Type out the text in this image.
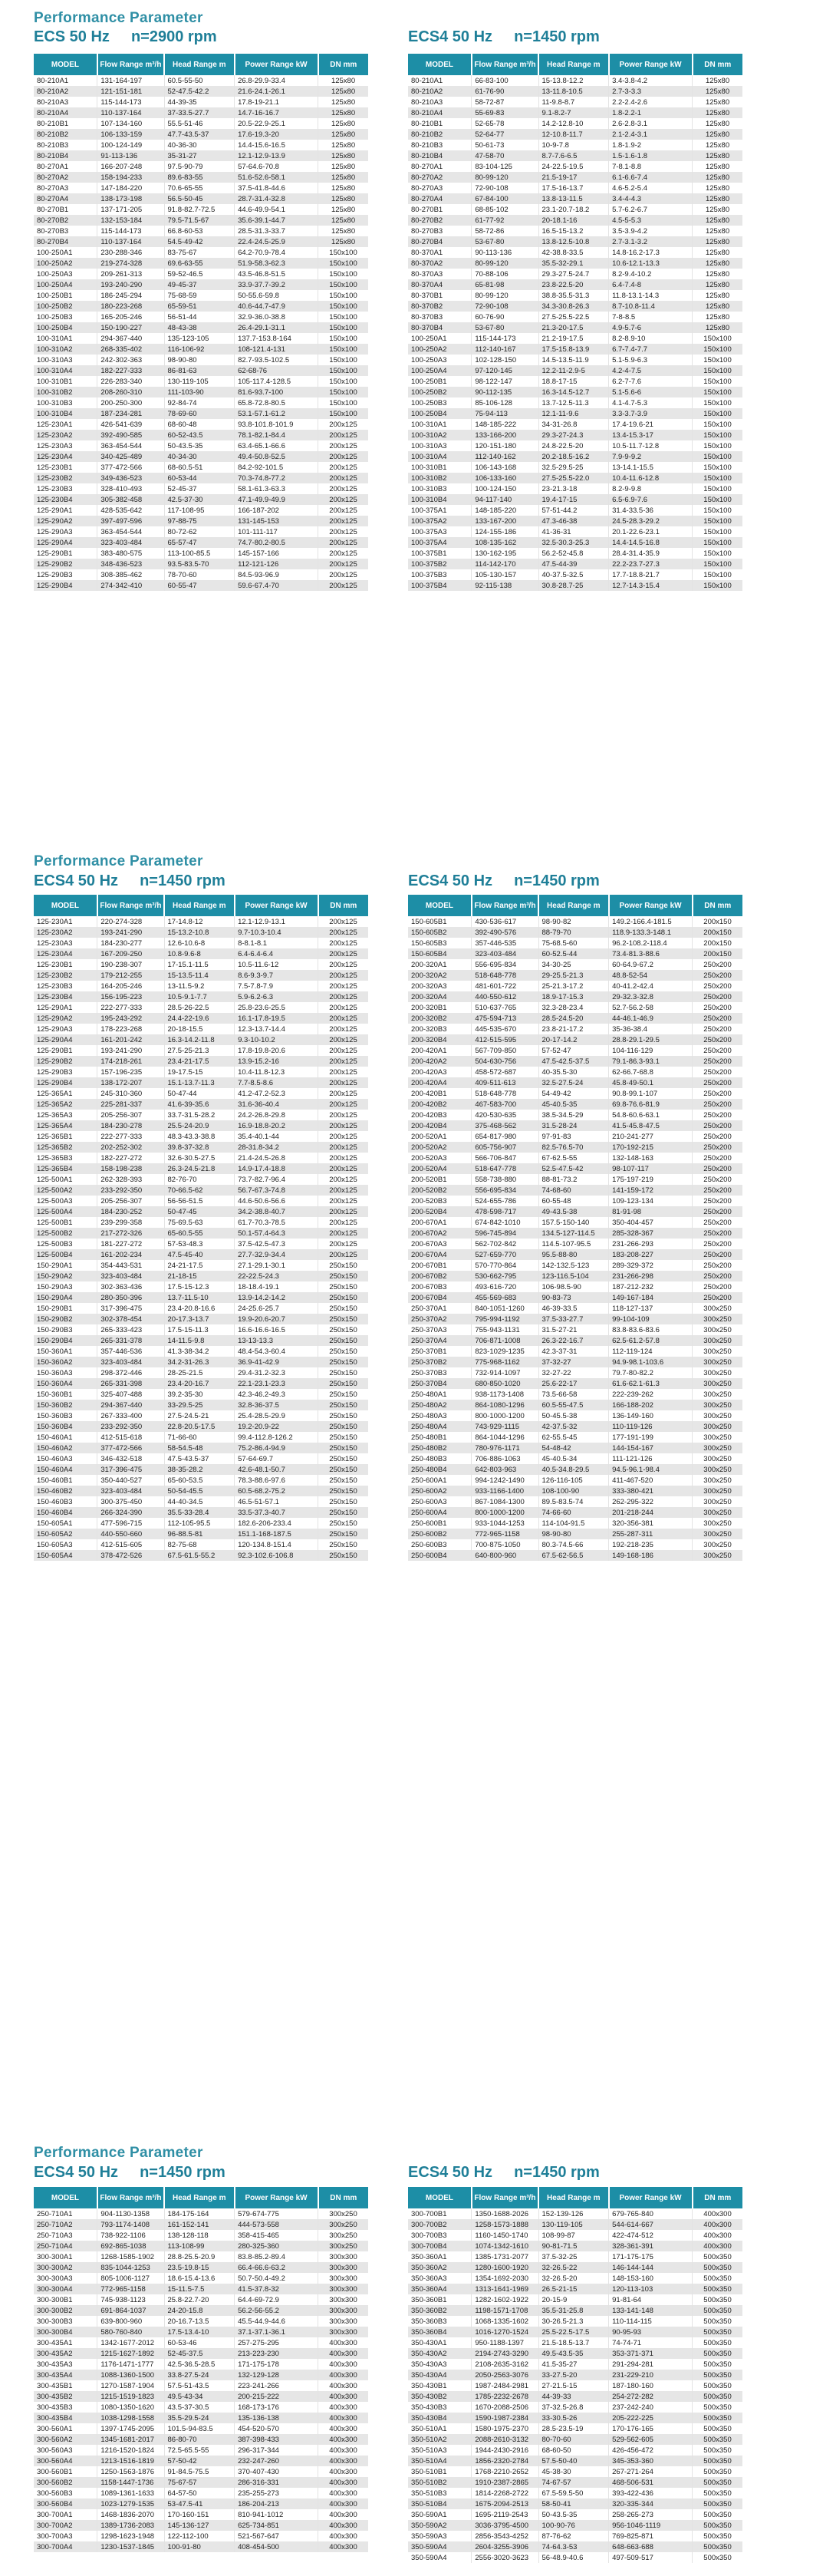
Performance Parameter
ECS 50 Hz n=2900 rpm	ECS4 50 Hz n=1450 rpm
MODEL	Flow Range m³/h	Head Range m	Power Range kW	DN mm
80-210A1	131-164-197	60.5-55-50	26.8-29.9-33.4	125x80
80-210A2	121-151-181	52-47.5-42.2	21.6-24.1-26.1	125x80
80-210A3	115-144-173	44-39-35	17.8-19-21.1	125x80
80-210A4	110-137-164	37-33.5-27.7	14.7-16-16.7	125x80
80-210B1	107-134-160	55.5-51-46	20.5-22.9-25.1	125x80
80-210B2	106-133-159	47.7-43.5-37	17.6-19.3-20	125x80
80-210B3	100-124-149	40-36-30	14.4-15.6-16.5	125x80
80-210B4	91-113-136	35-31-27	12.1-12.9-13.9	125x80
80-270A1	166-207-248	97.5-90-79	57-64.6-70.8	125x80
80-270A2	158-194-233	89.6-83-55	51.6-52.6-58.1	125x80
80-270A3	147-184-220	70.6-65-55	37.5-41.8-44.6	125x80
80-270A4	138-173-198	56.5-50-45	28.7-31.4-32.8	125x80
80-270B1	137-171-205	91.8-82.7-72.5	44.6-49.9-54.1	125x80
80-270B2	132-153-184	79.5-71.5-67	35.6-39.1-44.7	125x80
80-270B3	115-144-173	66.8-60-53	28.5-31.3-33.7	125x80
80-270B4	110-137-164	54.5-49-42	22.4-24.5-25.9	125x80
100-250A1	230-288-346	83-75-67	64.2-70.9-78.4	150x100
100-250A2	219-274-328	69.6-63-55	51.9-58.3-62.3	150x100
100-250A3	209-261-313	59-52-46.5	43.5-46.8-51.5	150x100
100-250A4	193-240-290	49-45-37	33.9-37.7-39.2	150x100
100-250B1	186-245-294	75-68-59	50-55.6-59.8	150x100
100-250B2	180-223-268	65-59-51	40.6-44.7-47.9	150x100
100-250B3	165-205-246	56-51-44	32.9-36.0-38.8	150x100
100-250B4	150-190-227	48-43-38	26.4-29.1-31.1	150x100
100-310A1	294-367-440	135-123-105	137.7-153.8-164	150x100
100-310A2	268-335-402	116-106-92	108-121.4-131	150x100
100-310A3	242-302-363	98-90-80	82.7-93.5-102.5	150x100
100-310A4	182-227-333	86-81-63	62-68-76	150x100
100-310B1	226-283-340	130-119-105	105-117.4-128.5	150x100
100-310B2	208-260-310	111-103-90	81.6-93.7-100	150x100
100-310B3	200-250-300	92-84-74	65.8-72.8-80.5	150x100
100-310B4	187-234-281	78-69-60	53.1-57.1-61.2	150x100
125-230A1	426-541-639	68-60-48	93.8-101.8-101.9	200x125
125-230A2	392-490-585	60-52-43.5	78.1-82.1-84.4	200x125
125-230A3	363-454-544	50-43.5-35	63.4-65.1-66.6	200x125
125-230A4	340-425-489	40-34-30	49.4-50.8-52.5	200x125
125-230B1	377-472-566	68-60.5-51	84.2-92-101.5	200x125
125-230B2	349-436-523	60-53-44	70.3-74.8-77.2	200x125
125-230B3	328-410-493	52-45-37	58.1-61.3-63.3	200x125
125-230B4	305-382-458	42.5-37-30	47.1-49.9-49.9	200x125
125-290A1	428-535-642	117-108-95	166-187-202	200x125
125-290A2	397-497-596	97-88-75	131-145-153	200x125
125-290A3	363-454-544	80-72-62	101-111-117	200x125
125-290A4	323-403-484	65-57-47	74.7-80.2-80.5	200x125
125-290B1	383-480-575	113-100-85.5	145-157-166	200x125
125-290B2	348-436-523	93.5-83.5-70	112-121-126	200x125
125-290B3	308-385-462	78-70-60	84.5-93-96.9	200x125
125-290B4	274-342-410	60-55-47	59.6-67.4-70	200x125
MODEL	Flow Range m³/h	Head Range m	Power Range kW	DN mm
80-210A1	66-83-100	15-13.8-12.2	3.4-3.8-4.2	125x80
80-210A2	61-76-90	13-11.8-10.5	2.7-3-3.3	125x80
80-210A3	58-72-87	11-9.8-8.7	2.2-2.4-2.6	125x80
80-210A4	55-69-83	9.1-8.2-7	1.8-2.2-1	125x80
80-210B1	52-65-78	14.2-12.8-10	2.6-2.8-3.1	125x80
80-210B2	52-64-77	12-10.8-11.7	2.1-2.4-3.1	125x80
80-210B3	50-61-73	10-9-7.8	1.8-1.9-2	125x80
80-210B4	47-58-70	8.7-7.6-6.5	1.5-1.6-1.8	125x80
80-270A1	83-104-125	24-22.5-19.5	7-8.1-8.8	125x80
80-270A2	80-99-120	21.5-19-17	6.1-6.6-7.4	125x80
80-270A3	72-90-108	17.5-16-13.7	4.6-5.2-5.4	125x80
80-270A4	67-84-100	13.8-13-11.5	3.4-4-4.3	125x80
80-270B1	68-85-102	23.1-20.7-18.2	5.7-6.2-6.7	125x80
80-270B2	61-77-92	20-18.1-16	4.5-5-5.3	125x80
80-270B3	58-72-86	16.5-15-13.2	3.5-3.9-4.2	125x80
80-270B4	53-67-80	13.8-12.5-10.8	2.7-3.1-3.2	125x80
80-370A1	90-113-136	42-38.8-33.5	14.8-16.2-17.3	125x80
80-370A2	80-99-120	35.5-32-29.1	10.6-12.1-13.3	125x80
80-370A3	70-88-106	29.3-27.5-24.7	8.2-9.4-10.2	125x80
80-370A4	65-81-98	23.8-22.5-20	6.4-7.4-8	125x80
80-370B1	80-99-120	38.8-35.5-31.3	11.8-13.1-14.3	125x80
80-370B2	72-90-108	34.3-30.8-26.3	8.7-10.8-11.4	125x80
80-370B3	60-76-90	27.5-25.5-22.5	7-8-8.5	125x80
80-370B4	53-67-80	21.3-20-17.5	4.9-5.7-6	125x80
100-250A1	115-144-173	21.2-19-17.5	8.2-8.9-10	150x100
100-250A2	112-140-167	17.5-15.8-13.9	6.7-7.4-7.7	150x100
100-250A3	102-128-150	14.5-13.5-11.9	5.1-5.9-6.3	150x100
100-250A4	97-120-145	12.2-11-2.9-5	4.2-4-7.5	150x100
100-250B1	98-122-147	18.8-17-15	6.2-7-7.6	150x100
100-250B2	90-112-135	16.3-14.5-12.7	5.1-5.6-6	150x100
100-250B3	85-106-128	13.7-12.5-11.3	4.1-4.7-5.3	150x100
100-250B4	75-94-113	12.1-11-9.6	3.3-3.7-3.9	150x100
100-310A1	148-185-222	34-31-26.8	17.4-19.6-21	150x100
100-310A2	133-166-200	29.3-27-24.3	13.4-15.3-17	150x100
100-310A3	120-151-180	24.8-22.5-20	10.5-11.7-12.8	150x100
100-310A4	112-140-162	20.2-18.5-16.2	7.9-9-9.2	150x100
100-310B1	106-143-168	32.5-29.5-25	13-14.1-15.5	150x100
100-310B2	106-133-160	27.5-25.5-22.0	10.4-11.6-12.8	150x100
100-310B3	100-124-150	23-21.3-18	8.2-9-9.8	150x100
100-310B4	94-117-140	19.4-17-15	6.5-6.9-7.6	150x100
100-375A1	148-185-220	57-51-44.2	31.4-33.5-36	150x100
100-375A2	133-167-200	47.3-46-38	24.5-28.3-29.2	150x100
100-375A3	124-155-186	41-36-31	20.1-22.6-23.1	150x100
100-375A4	108-135-162	32.5-30.3-25.3	14.4-14.5-16.8	150x100
100-375B1	130-162-195	56.2-52-45.8	28.4-31.4-35.9	150x100
100-375B2	114-142-170	47.5-44-39	22.2-23.7-27.3	150x100
100-375B3	105-130-157	40-37.5-32.5	17.7-18.8-21.7	150x100
100-375B4	92-115-138	30.8-28.7-25	12.7-14.3-15.4	150x100
Performance Parameter
ECS4 50 Hz n=1450 rpm	ECS4 50 Hz n=1450 rpm
MODEL	Flow Range m³/h	Head Range m	Power Range kW	DN mm
125-230A1	220-274-328	17-14.8-12	12.1-12.9-13.1	200x125
125-230A2	193-241-290	15-13.2-10.8	9.7-10.3-10.4	200x125
125-230A3	184-230-277	12.6-10.6-8	8-8.1-8.1	200x125
125-230A4	167-209-250	10.8-9.6-8	6.4-6.4-6.4	200x125
125-230B1	190-238-307	17-15.1-11.5	10.5-11.6-12	200x125
125-230B2	179-212-255	15-13.5-11.4	8.6-9.3-9.7	200x125
125-230B3	164-205-246	13-11.5-9.2	7.5-7.8-7.9	200x125
125-230B4	156-195-223	10.5-9.1-7.7	5.9-6.2-6.3	200x125
125-290A1	222-277-333	28.5-26-22.5	25.8-23.6-25.5	200x125
125-290A2	195-243-292	24.4-22-19.6	16.1-17.8-19.5	200x125
125-290A3	178-223-268	20-18-15.5	12.3-13.7-14.4	200x125
125-290A4	161-201-242	16.3-14.2-11.8	9.3-10-10.2	200x125
125-290B1	193-241-290	27.5-25-21.3	17.8-19.8-20.6	200x125
125-290B2	174-218-261	23.4-21-17.5	13.9-15.2-16	200x125
125-290B3	157-196-235	19-17.5-15	10.4-11.8-12.3	200x125
125-290B4	138-172-207	15.1-13.7-11.3	7.7-8.5-8.6	200x125
125-365A1	245-310-360	50-47-44	41.2-47.2-52.3	200x125
125-365A2	225-281-337	41.6-39-35.6	31.6-36-40.4	200x125
125-365A3	205-256-307	33.7-31.5-28.2	24.2-26.8-29.8	200x125
125-365A4	184-230-278	25.5-24-20.9	16.9-18.8-20.2	200x125
125-365B1	222-277-333	48.3-43.3-38.8	35.4-40.1-44	200x125
125-365B2	202-252-302	39.8-37-32.8	28-31.8-34.2	200x125
125-365B3	182-227-272	32.6-30.5-27.5	21.4-24.5-26.8	200x125
125-365B4	158-198-238	26.3-24.5-21.8	14.9-17.4-18.8	200x125
125-500A1	262-328-393	82-76-70	73.7-82.7-96.4	200x125
125-500A2	233-292-350	70-66.5-62	56.7-67.3-74.8	200x125
125-500A3	205-256-307	56-56-51.5	44.6-50.6-56.6	200x125
125-500A4	184-230-252	50-47-45	34.2-38.8-40.7	200x125
125-500B1	239-299-358	75-69.5-63	61.7-70.3-78.5	200x125
125-500B2	217-272-326	65-60.5-55	50.1-57.4-64.3	200x125
125-500B3	181-227-272	57-53-48.3	37.5-42.5-47.3	200x125
125-500B4	161-202-234	47.5-45-40	27.7-32.9-34.4	200x125
150-290A1	354-443-531	24-21-17.5	27.1-29.1-30.1	250x150
150-290A2	323-403-484	21-18-15	22-22.5-24.3	250x150
150-290A3	302-363-436	17.5-15-12.3	18-18.4-19.1	250x150
150-290A4	280-350-396	13.7-11.5-10	13.9-14.2-14.2	250x150
150-290B1	317-396-475	23.4-20.8-16.6	24-25.6-25.7	250x150
150-290B2	302-378-454	20-17.3-13.7	19.9-20.6-20.7	250x150
150-290B3	265-333-423	17.5-15-11.3	16.6-16.6-16.5	250x150
150-290B4	265-331-378	14-11.5-9.8	13-13-13.3	250x150
150-360A1	357-446-536	41.3-38-34.2	48.4-54.3-60.4	250x150
150-360A2	323-403-484	34.2-31-26.3	36.9-41-42.9	250x150
150-360A3	298-372-446	28-25-21.5	29.4-31.2-32.3	250x150
150-360A4	265-331-398	23.4-20-16.7	22.1-23.1-23.3	250x150
150-360B1	325-407-488	39.2-35-30	42.3-46.2-49.3	250x150
150-360B2	294-367-440	33-29.5-25	32.8-36-37.5	250x150
150-360B3	267-333-400	27.5-24.5-21	25.4-28.5-29.9	250x150
150-360B4	233-292-350	22.8-20.5-17.5	19.2-20.9-22	250x150
150-460A1	412-515-618	71-66-60	99.4-112.8-126.2	250x150
150-460A2	377-472-566	58-54.5-48	75.2-86.4-94.9	250x150
150-460A3	346-432-518	47.5-43.5-37	57-64-69.7	250x150
150-460A4	317-396-475	38-35-28.2	42.6-48.1-50.7	250x150
150-460B1	350-440-527	65-60-53.5	78.3-88.6-97.6	250x150
150-460B2	323-403-484	50-54-45.5	60.5-68.2-75.2	250x150
150-460B3	300-375-450	44-40-34.5	46.5-51-57.1	250x150
150-460B4	266-324-390	35.5-33-28.4	33.5-37.3-40.7	250x150
150-605A1	477-596-715	112-105-95.5	182.6-206-233.4	250x150
150-605A2	440-550-660	96-88.5-81	151.1-168-187.5	250x150
150-605A3	412-515-605	82-75-68	120-134.8-151.4	250x150
150-605A4	378-472-526	67.5-61.5-55.2	92.3-102.6-106.8	250x150
MODEL	Flow Range m³/h	Head Range m	Power Range kW	DN mm
150-605B1	430-536-617	98-90-82	149.2-166.4-181.5	200x150
150-605B2	392-490-576	88-79-70	118.9-133.3-148.1	200x150
150-605B3	357-446-535	75-68.5-60	96.2-108.2-118.4	200x150
150-605B4	323-403-484	60-52.5-44	73.4-81.3-88.6	200x150
200-320A1	556-695-834	34-30-25	60-64.9-67.2	250x200
200-320A2	518-648-778	29-25.5-21.3	48.8-52-54	250x200
200-320A3	481-601-722	25-21.3-17.2	40-41.2-42.4	250x200
200-320A4	440-550-612	18.9-17-15.3	29-32.3-32.8	250x200
200-320B1	510-637-765	32.3-28-23.4	52.7-56.2-58	250x200
200-320B2	475-594-713	28.5-24.5-20	44-46.1-46.9	250x200
200-320B3	445-535-670	23.8-21-17.2	35-36-38.4	250x200
200-320B4	412-515-595	20-17-14.2	28.8-29.1-29.5	250x200
200-420A1	567-709-850	57-52-47	104-116-129	250x200
200-420A2	504-630-756	47.5-42.5-37.5	79.1-86.3-93.1	250x200
200-420A3	458-572-687	40-35.5-30	62-66.7-68.8	250x200
200-420A4	409-511-613	32.5-27.5-24	45.8-49-50.1	250x200
200-420B1	518-648-778	54-49-42	90.8-99.1-107	250x200
200-420B2	467-583-700	45-40.5-35	69.8-76.6-81.9	250x200
200-420B3	420-530-635	38.5-34.5-29	54.8-60.6-63.1	250x200
200-420B4	375-468-562	31.5-28-24	41.5-45.8-47.5	250x200
200-520A1	654-817-980	97-91-83	210-241-277	250x200
200-520A2	605-756-907	82.5-76.5-70	170-192-215	250x200
200-520A3	566-706-847	67-62.5-55	132-148-163	250x200
200-520A4	518-647-778	52.5-47.5-42	98-107-117	250x200
200-520B1	558-738-880	88-81-73.2	175-197-219	250x200
200-520B2	556-695-834	74-68-60	141-159-172	250x200
200-520B3	524-655-786	60-55-48	109-123-134	250x200
200-520B4	478-598-717	49-43.5-38	81-91-98	250x200
200-670A1	674-842-1010	157.5-150-140	350-404-457	250x200
200-670A2	596-745-894	134.5-127-114.5	285-328-367	250x200
200-670A3	562-702-842	114.5-107-95.5	231-266-293	250x200
200-670A4	527-659-770	95.5-88-80	183-208-227	250x200
200-670B1	570-770-864	142-132.5-123	289-329-372	250x200
200-670B2	530-662-795	123-116.5-104	231-266-298	250x200
200-670B3	493-616-720	106-98.5-90	187-212-232	250x200
200-670B4	455-569-683	90-83-73	149-167-184	250x200
250-370A1	840-1051-1260	46-39-33.5	118-127-137	300x250
250-370A2	795-994-1192	37.5-33-27.7	99-104-109	300x250
250-370A3	755-943-1131	31.5-27-21	83.8-83.6-83.6	300x250
250-370A4	706-871-1008	26.3-22-16.7	62.5-61.2-57.8	300x250
250-370B1	823-1029-1235	42.3-37-31	112-119-124	300x250
250-370B2	775-968-1162	37-32-27	94.9-98.1-103.6	300x250
250-370B3	732-914-1097	32-27-22	79.7-80-82.2	300x250
250-370B4	680-850-1020	25.6-22-17	61.6-62.1-61.3	300x250
250-480A1	938-1173-1408	73.5-66-58	222-239-262	300x250
250-480A2	864-1080-1296	60.5-55-47.5	166-188-202	300x250
250-480A3	800-1000-1200	50-45.5-38	136-149-160	300x250
250-480A4	743-929-1115	42-37.5-32	110-119-126	300x250
250-480B1	864-1044-1296	62-55.5-45	177-191-199	300x250
250-480B2	780-976-1171	54-48-42	144-154-167	300x250
250-480B3	706-886-1063	45-40.5-34	111-121-126	300x250
250-480B4	642-803-963	40.5-34.8-29.5	94.5-96.1-98.4	300x250
250-600A1	994-1242-1490	126-116-105	411-467-520	300x250
250-600A2	933-1166-1400	108-100-90	333-380-421	300x250
250-600A3	867-1084-1300	89.5-83.5-74	262-295-322	300x250
250-600A4	800-1000-1200	74-66-60	201-218-244	300x250
250-600B1	933-1044-1253	114-104-91.5	320-356-381	300x250
250-600B2	772-965-1158	98-90-80	255-287-311	300x250
250-600B3	700-875-1050	80.3-74.5-66	192-218-235	300x250
250-600B4	640-800-960	67.5-62-56.5	149-168-186	300x250
Performance Parameter
ECS4 50 Hz n=1450 rpm	ECS4 50 Hz n=1450 rpm
MODEL	Flow Range m³/h	Head Range m	Power Range kW	DN mm
250-710A1	904-1130-1358	184-175-164	579-674-775	300x250
250-710A2	793-1174-1408	161-152-141	444-573-558	300x250
250-710A3	738-922-1106	138-128-118	358-415-465	300x250
250-710A4	692-865-1038	113-108-99	280-325-360	300x250
300-300A1	1268-1585-1902	28.8-25.5-20.9	83.8-85.2-89.4	300x300
300-300A2	835-1044-1253	23.5-19.8-15	66.4-66.6-63.2	300x300
300-300A3	805-1006-1127	18.6-15.4-13.6	50.7-50.4-49.2	300x300
300-300A4	772-965-1158	15-11.5-7.5	41.5-37.8-32	300x300
300-300B1	745-938-1123	25.8-22.7-20	64.4-69-72.9	300x300
300-300B2	691-864-1037	24-20-15.8	56.2-56-55.2	300x300
300-300B3	639-800-960	20-16.7-13.5	45.5-44.9-44.6	300x300
300-300B4	580-760-840	17.5-13.4-10	37.1-37.1-36.1	300x300
300-435A1	1342-1677-2012	60-53-46	257-275-295	400x300
300-435A2	1215-1627-1892	52-45-37.5	213-223-230	400x300
300-435A3	1176-1471-1777	42.5-36.5-28.5	171-175-178	400x300
300-435A4	1088-1360-1500	33.8-27.5-24	132-129-128	400x300
300-435B1	1270-1587-1904	57.5-51-43.5	223-241-266	400x300
300-435B2	1215-1519-1823	49.5-43-34	200-215-222	400x300
300-435B3	1080-1350-1620	43.5-37-30.5	168-173-176	400x300
300-435B4	1038-1298-1558	35.5-29.5-24	135-136-138	400x300
300-560A1	1397-1745-2095	101.5-94-83.5	454-520-570	400x300
300-560A2	1345-1681-2017	86-80-70	387-398-433	400x300
300-560A3	1216-1520-1824	72.5-65.5-55	296-317-344	400x300
300-560A4	1213-1516-1819	57-50-42	232-247-260	400x300
300-560B1	1250-1563-1876	91-84.5-75.5	370-407-430	400x300
300-560B2	1158-1447-1736	75-67-57	286-316-331	400x300
300-560B3	1089-1361-1633	64-57-50	235-255-273	400x300
300-560B4	1023-1279-1535	53-47.5-41	186-204-213	400x300
300-700A1	1468-1836-2070	170-160-151	810-941-1012	400x300
300-700A2	1389-1736-2083	145-136-127	625-734-851	400x300
300-700A3	1298-1623-1948	122-112-100	521-567-647	400x300
300-700A4	1230-1537-1845	100-91-80	408-454-500	400x300
MODEL	Flow Range m³/h	Head Range m	Power Range kW	DN mm
300-700B1	1350-1688-2026	152-139-126	679-765-840	400x300
300-700B2	1258-1573-1888	130-119-105	544-614-667	400x300
300-700B3	1160-1450-1740	108-99-87	422-474-512	400x300
300-700B4	1074-1342-1610	90-81-71.5	328-361-391	400x300
350-360A1	1385-1731-2077	37.5-32-25	171-175-175	500x350
350-360A2	1280-1600-1920	32-26.5-22	146-144-144	500x350
350-360A3	1354-1692-2030	32-26.5-20	148-153-160	500x350
350-360A4	1313-1641-1969	26.5-21-15	120-113-103	500x350
350-360B1	1282-1602-1922	20-15-9	91-81-64	500x350
350-360B2	1198-1571-1708	35.5-31-25.8	133-141-148	500x350
350-360B3	1068-1335-1602	30-26.5-21.3	110-114-115	500x350
350-360B4	1016-1270-1524	25.5-22.5-17.5	90-95-93	500x350
350-430A1	950-1188-1397	21.5-18.5-13.7	74-74-71	500x350
350-430A2	2194-2743-3290	49.5-43.5-35	353-371-371	500x350
350-430A3	2108-2635-3162	41.5-35-27	291-294-281	500x350
350-430A4	2050-2563-3076	33-27.5-20	231-229-210	500x350
350-430B1	1987-2484-2981	27-21.5-15	187-180-160	500x350
350-430B2	1785-2232-2678	44-39-33	254-272-282	500x350
350-430B3	1670-2088-2506	37-32.5-26.8	237-242-240	500x350
350-430B4	1590-1987-2384	33-30.5-26	205-222-225	500x350
350-510A1	1580-1975-2370	28.5-23.5-19	170-176-165	500x350
350-510A2	2088-2610-3132	80-70-60	529-562-605	500x350
350-510A3	1944-2430-2916	68-60-50	426-456-472	500x350
350-510A4	1856-2320-2784	57.5-50-40	345-353-360	500x350
350-510B1	1768-2210-2652	45-38-30	267-271-264	500x350
350-510B2	1910-2387-2865	74-67-57	468-506-531	500x350
350-510B3	1814-2268-2722	67.5-59.5-50	393-422-436	500x350
350-510B4	1675-2094-2513	58-50-41	320-335-344	500x350
350-590A1	1695-2119-2543	50-43.5-35	258-265-273	500x350
350-590A2	3036-3795-4500	100-90-76	956-1046-1119	500x350
350-590A3	2856-3543-4252	87-76-62	769-825-871	500x350
350-590A4	2604-3255-3906	74-64.3-53	648-663-688	500x350
350-590A4	2556-3020-3623	56-48.9-40.6	497-509-517	500x350
